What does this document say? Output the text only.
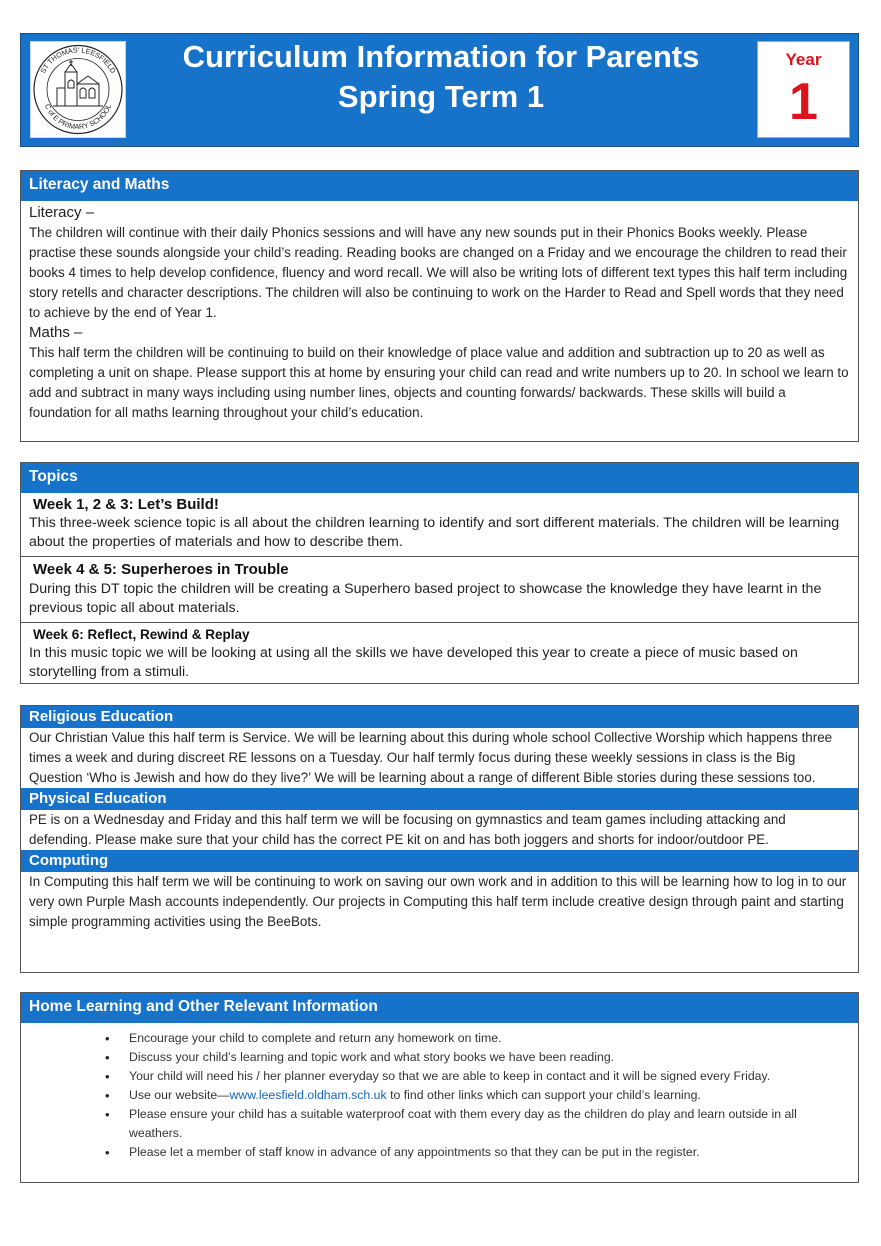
ST THOMAS' LEESFIELD
C of E PRIMARY SCHOOL
Curriculum Information for Parents
Spring Term 1
Year
1
Literacy and Maths
Literacy –
The children will continue with their daily Phonics sessions and will have any new sounds put in their Phonics Books weekly. Please practise these sounds alongside your child’s reading. Reading books are changed on a Friday and we encourage the children to read their books 4 times to help develop confidence, fluency and word recall. We will also be writing lots of different text types this half term including story retells and character descriptions. The children will also be continuing to work on the Harder to Read and Spell words that they need to achieve by the end of Year 1.
Maths –
This half term the children will be continuing to build on their knowledge of place value and addition and subtraction up to 20 as well as completing a unit on shape. Please support this at home by ensuring your child can read and write numbers up to 20. In school we learn to add and subtract in many ways including using number lines, objects and counting forwards/ backwards. These skills will build a foundation for all maths learning throughout your child’s education.
Topics
Week 1, 2 & 3: Let’s Build!
This three-week science topic is all about the children learning to identify and sort different materials. The children will be learning about the properties of materials and how to describe them.
Week 4 & 5: Superheroes in Trouble
During this DT topic the children will be creating a Superhero based project to showcase the knowledge they have learnt in the previous topic all about materials.
Week 6: Reflect, Rewind & Replay
In this music topic we will be looking at using all the skills we have developed this year to create a piece of music based on storytelling from a stimuli.
Religious Education
Our Christian Value this half term is Service. We will be learning about this during whole school Collective Worship which happens three times a week and during discreet RE lessons on a Tuesday. Our half termly focus during these weekly sessions in class is the Big Question ‘Who is Jewish and how do they live?’ We will be learning about a range of different Bible stories during these sessions too.
Physical Education
PE is on a Wednesday and Friday and this half term we will be focusing on gymnastics and team games including attacking and defending. Please make sure that your child has the correct PE kit on and has both joggers and shorts for indoor/outdoor PE.
Computing
In Computing this half term we will be continuing to work on saving our own work and in addition to this will be learning how to log in to our very own Purple Mash accounts independently. Our projects in Computing this half term include creative design through paint and starting simple programming activities using the BeeBots.
Home Learning and Other Relevant Information
• Encourage your child to complete and return any homework on time.
• Discuss your child’s learning and topic work and what story books we have been reading.
• Your child will need his / her planner everyday so that we are able to keep in contact and it will be signed every Friday.
• Use our website—www.leesfield.oldham.sch.uk to find other links which can support your child’s learning.
• Please ensure your child has a suitable waterproof coat with them every day as the children do play and learn outside in all weathers.
• Please let a member of staff know in advance of any appointments so that they can be put in the register.
